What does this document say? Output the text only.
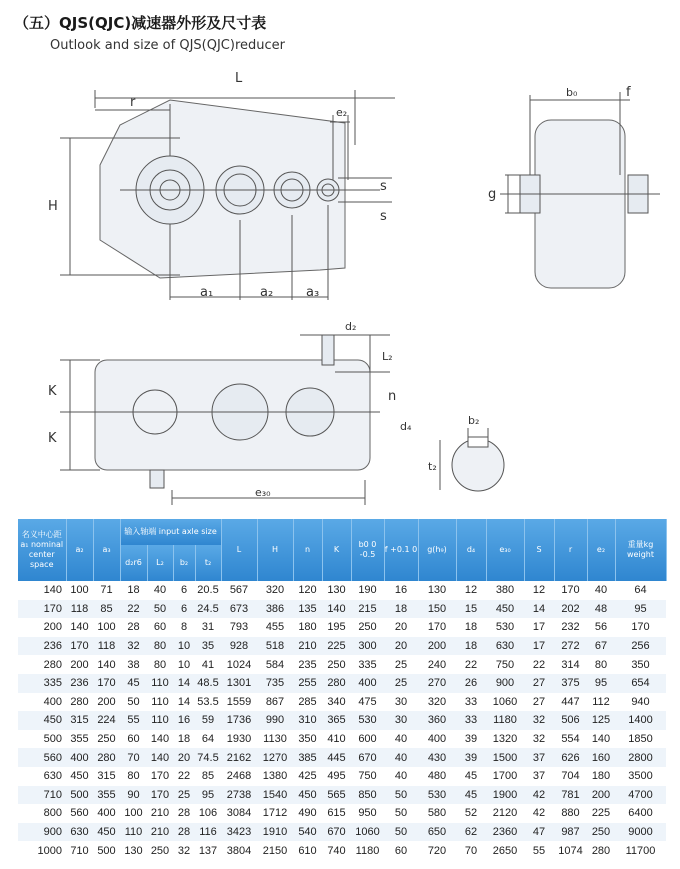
（五）QJS(QJC)减速器外形及尺寸表
Outlook and size of QJS(QJC)reducer
L
r
e₂
H
s
s
a₁	a₂	a₃
b₀	f
g
d₂
L₂
K
K
n
d₄	b₂
t₂
e₃₀
名义中心距a₁ nominal center space	a₂	a₃	输入轴端 input axle size				L	H	n	K	b0 0 -0.5	f +0.1 0	g(h₉)	d₄	e₃₀	S	r	e₂	重量kg weight
			d₂r6	L₂	b₂	t₂													
140	100	71	18	40	6	20.5	567	320	120	130	190	16	130	12	380	12	170	40	64
170	118	85	22	50	6	24.5	673	386	135	140	215	18	150	15	450	14	202	48	95
200	140	100	28	60	8	31	793	455	180	195	250	20	170	18	530	17	232	56	170
236	170	118	32	80	10	35	928	518	210	225	300	20	200	18	630	17	272	67	256
280	200	140	38	80	10	41	1024	584	235	250	335	25	240	22	750	22	314	80	350
335	236	170	45	110	14	48.5	1301	735	255	280	400	25	270	26	900	27	375	95	654
400	280	200	50	110	14	53.5	1559	867	285	340	475	30	320	33	1060	27	447	112	940
450	315	224	55	110	16	59	1736	990	310	365	530	30	360	33	1180	32	506	125	1400
500	355	250	60	140	18	64	1930	1130	350	410	600	40	400	39	1320	32	554	140	1850
560	400	280	70	140	20	74.5	2162	1270	385	445	670	40	430	39	1500	37	626	160	2800
630	450	315	80	170	22	85	2468	1380	425	495	750	40	480	45	1700	37	704	180	3500
710	500	355	90	170	25	95	2738	1540	450	565	850	50	530	45	1900	42	781	200	4700
800	560	400	100	210	28	106	3084	1712	490	615	950	50	580	52	2120	42	880	225	6400
900	630	450	110	210	28	116	3423	1910	540	670	1060	50	650	62	2360	47	987	250	9000
1000	710	500	130	250	32	137	3804	2150	610	740	1180	60	720	70	2650	55	1074	280	11700
